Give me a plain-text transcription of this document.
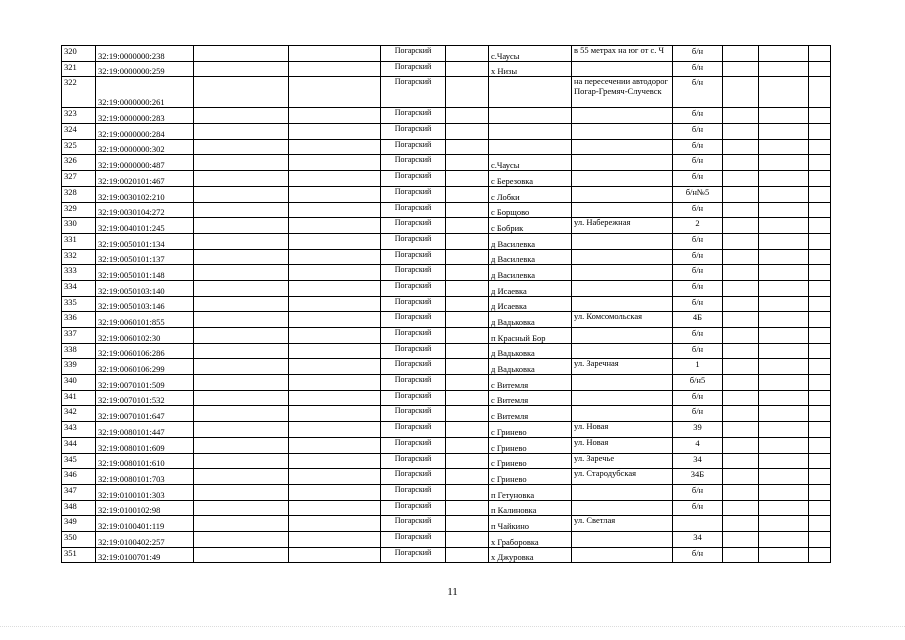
320	32:19:0000000:238			Погарский		с.Чаусы	в 55 метрах на юг от с. Ч	б/н			
321	32:19:0000000:259			Погарский		х Низы		б/н			
322	32:19:0000000:261			Погарский			на пересечении автодорог Погар-Гремяч-Случевск	б/н			
323	32:19:0000000:283			Погарский				б/н			
324	32:19:0000000:284			Погарский				б/н			
325	32:19:0000000:302			Погарский				б/н			
326	32:19:0000000:487			Погарский		с.Чаусы		б/н			
327	32:19:0020101:467			Погарский		с Березовка		б/н			
328	32:19:0030102:210			Погарский		с Лобки		б/н№5			
329	32:19:0030104:272			Погарский		с Борщово		б/н			
330	32:19:0040101:245			Погарский		с Бобрик	ул. Набережная	2			
331	32:19:0050101:134			Погарский		д Василевка		б/н			
332	32:19:0050101:137			Погарский		д Василевка		б/н			
333	32:19:0050101:148			Погарский		д Василевка		б/н			
334	32:19:0050103:140			Погарский		д Исаевка		б/н			
335	32:19:0050103:146			Погарский		д Исаевка		б/н			
336	32:19:0060101:855			Погарский		д Вадьковка	ул. Комсомольская	4Б			
337	32:19:0060102:30			Погарский		п Красный Бор		б/н			
338	32:19:0060106:286			Погарский		д Вадьковка		б/н			
339	32:19:0060106:299			Погарский		д Вадьковка	ул. Заречная	1			
340	32:19:0070101:509			Погарский		с Витемля		б/н5			
341	32:19:0070101:532			Погарский		с Витемля		б/н			
342	32:19:0070101:647			Погарский		с Витемля		б/н			
343	32:19:0080101:447			Погарский		с Гринево	ул. Новая	39			
344	32:19:0080101:609			Погарский		с Гринево	ул. Новая	4			
345	32:19:0080101:610			Погарский		с Гринево	ул. Заречье	34			
346	32:19:0080101:703			Погарский		с Гринево	ул. Стародубская	34Б			
347	32:19:0100101:303			Погарский		п Гетуновка		б/н			
348	32:19:0100102:98			Погарский		п Калиновка		б/н			
349	32:19:0100401:119			Погарский		п Чайкино	ул. Светлая				
350	32:19:0100402:257			Погарский		х Граборовка		34			
351	32:19:0100701:49			Погарский		х Джуровка		б/н			
11
